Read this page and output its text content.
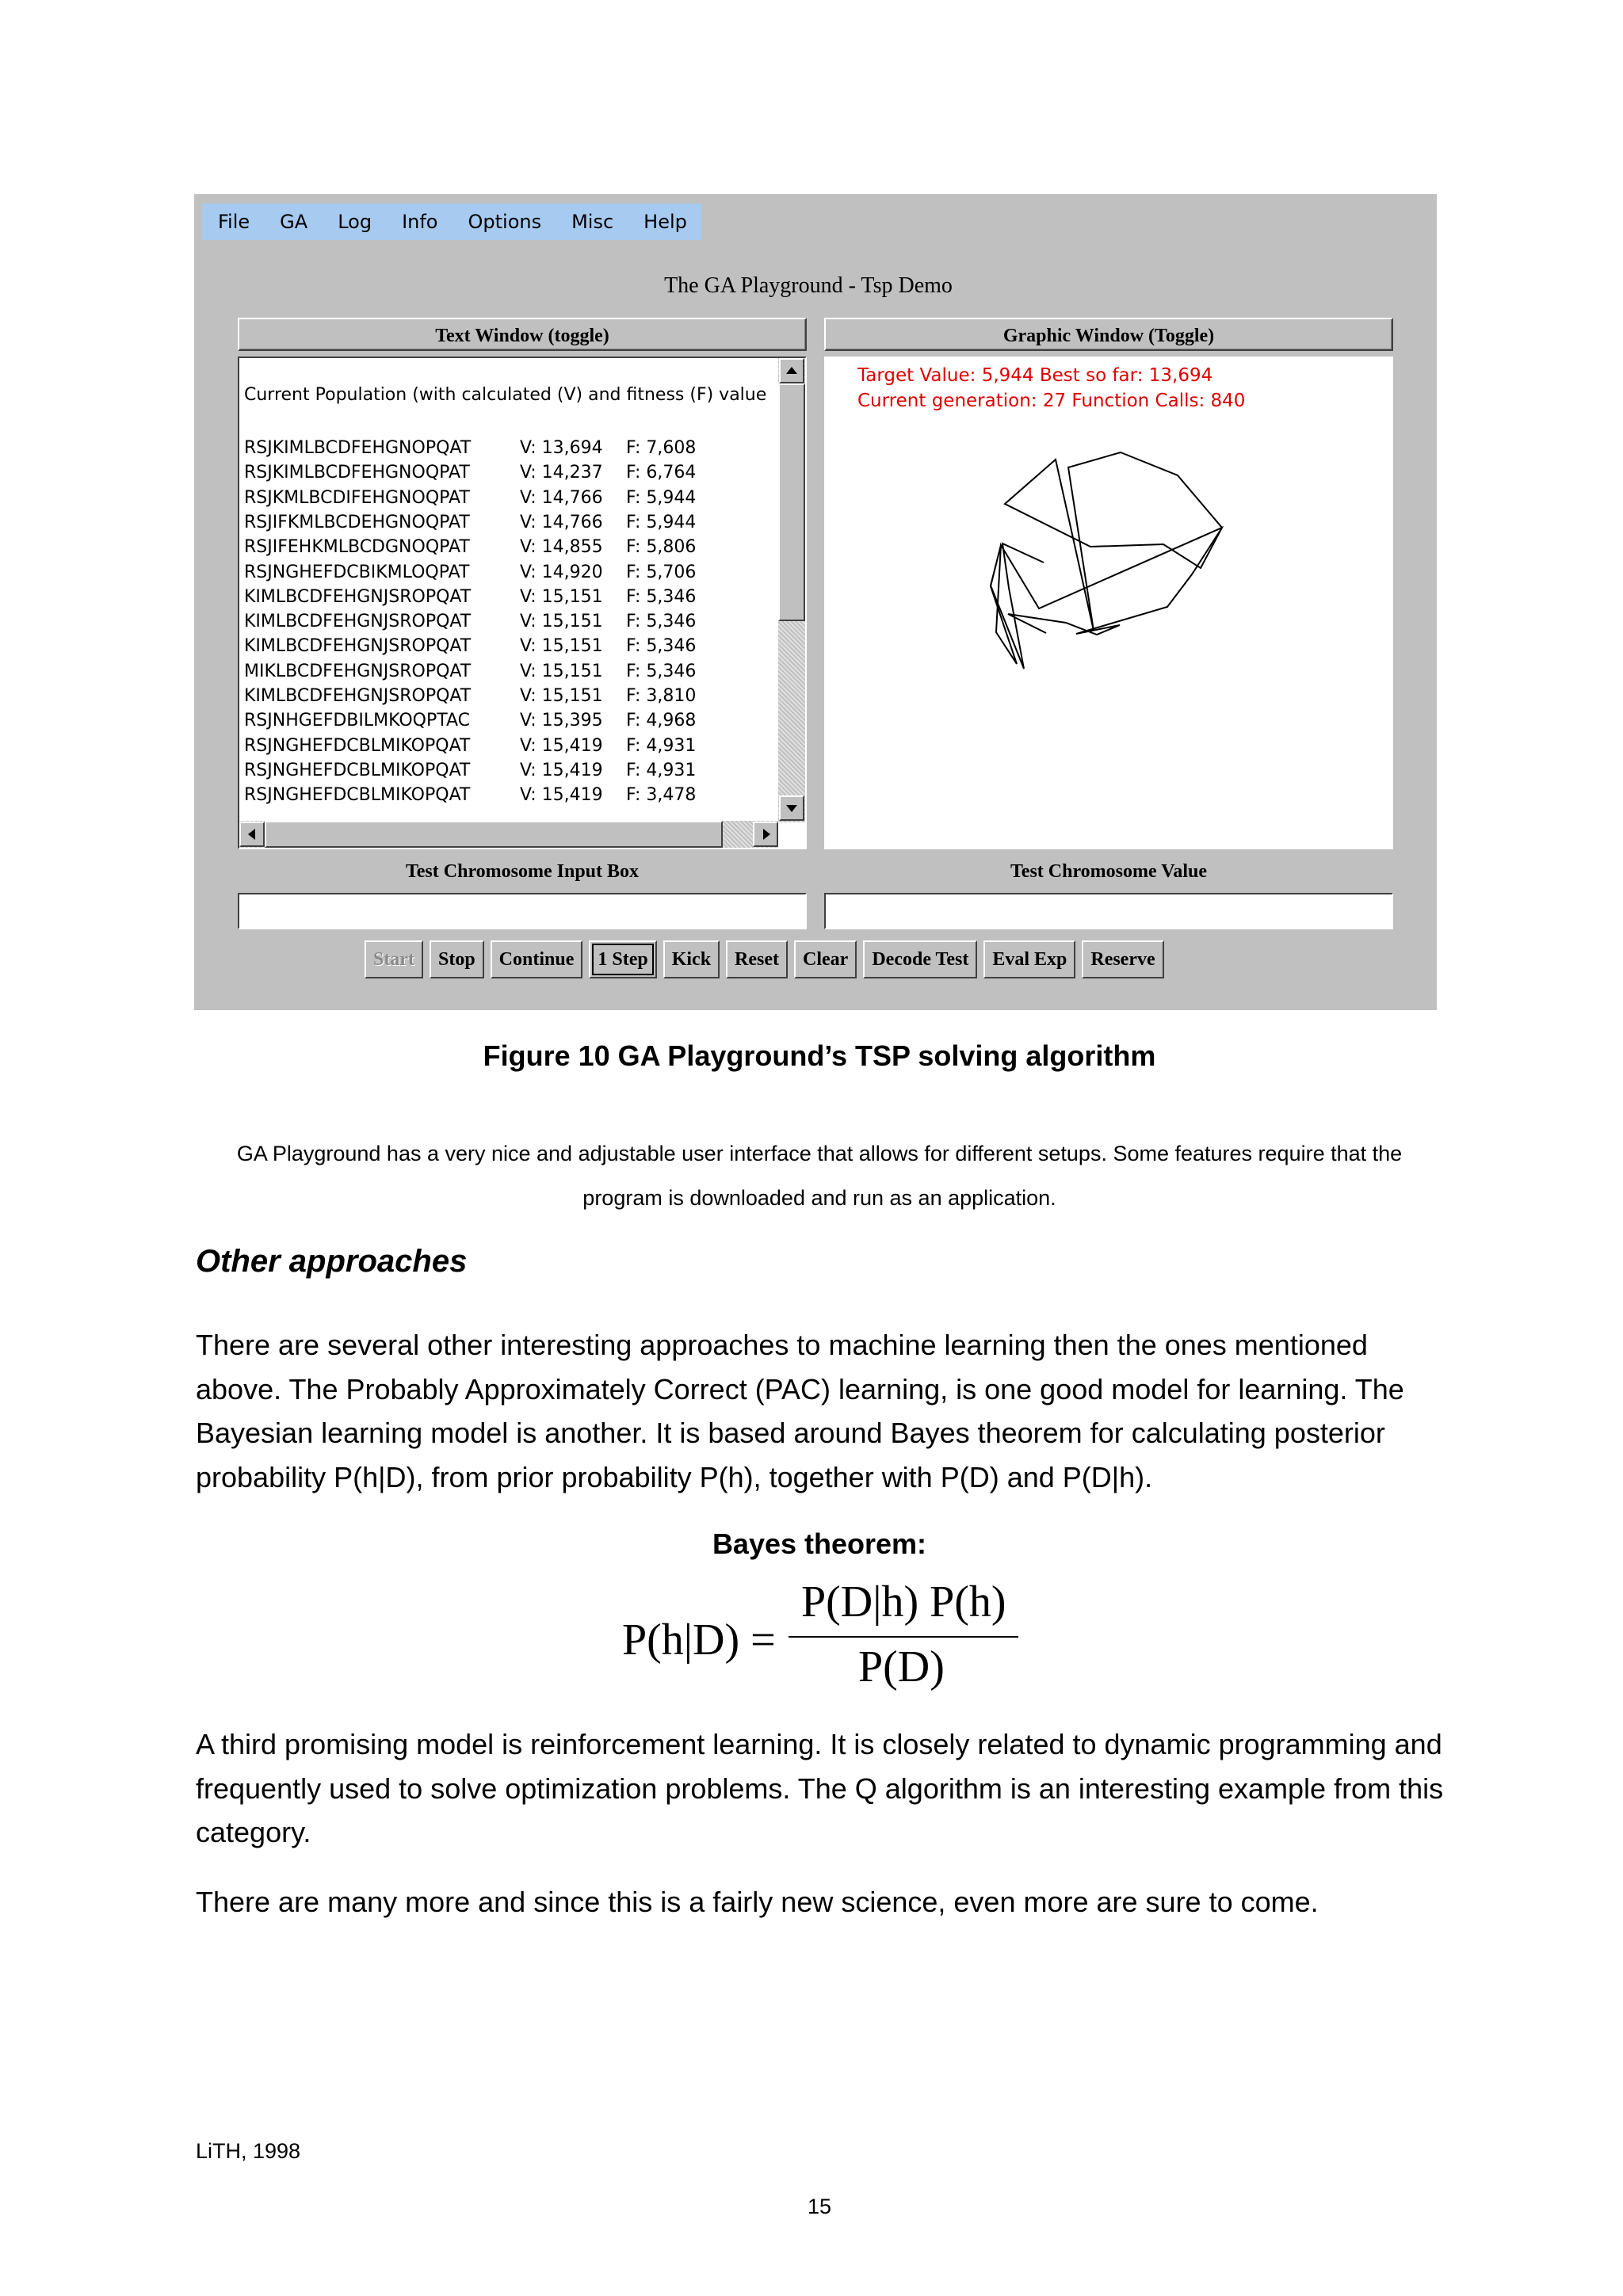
File	GA	Log	Info	Options	Misc	Help
The GA Playground - Tsp Demo
Text Window (toggle)	Graphic Window (Toggle)

Current Population (with calculated (V) and fitness (F) value

RSJKIMLBCDFEHGNOPQAT	V: 13,694 F: 7,608
RSJKIMLBCDFEHGNOQPAT	V: 14,237 F: 6,764
RSJKMLBCDIFEHGNOQPAT	V: 14,766 F: 5,944
RSJIFKMLBCDEHGNOQPAT	V: 14,766 F: 5,944
RSJIFEHKMLBCDGNOQPAT	V: 14,855 F: 5,806
RSJNGHEFDCBIKMLOQPAT	V: 14,920 F: 5,706
KIMLBCDFEHGNJSROPQAT	V: 15,151 F: 5,346
KIMLBCDFEHGNJSROPQAT	V: 15,151 F: 5,346
KIMLBCDFEHGNJSROPQAT	V: 15,151 F: 5,346
MIKLBCDFEHGNJSROPQAT	V: 15,151 F: 5,346
KIMLBCDFEHGNJSROPQAT	V: 15,151 F: 3,810
RSJNHGEFDBILMKOQPTAC	V: 15,395 F: 4,968
RSJNGHEFDCBLMIKOPQAT	V: 15,419 F: 4,931
RSJNGHEFDCBLMIKOPQAT	V: 15,419 F: 4,931
RSJNGHEFDCBLMIKOPQAT	V: 15,419 F: 3,478

Target Value: 5,944 Best so far: 13,694
Current generation: 27 Function Calls: 840
Test Chromosome Input Box	Test Chromosome Value
Start	Stop	Continue	1 Step	Kick	Reset	Clear	Decode Test	Eval Exp	Reserve
Figure 10 GA Playground’s TSP solving algorithm
GA Playground has a very nice and adjustable user interface that allows for different setups. Some features require that the program is downloaded and run as an application.
Other approaches
There are several other interesting approaches to machine learning then the ones mentioned above. The Probably Approximately Correct (PAC) learning, is one good model for learning. The Bayesian learning model is another. It is based around Bayes theorem for calculating posterior probability P(h|D), from prior probability P(h), together with P(D) and P(D|h).
Bayes theorem:
P(h|D) =
P(D|h) P(h)
P(D)
A third promising model is reinforcement learning. It is closely related to dynamic programming and frequently used to solve optimization problems. The Q algorithm is an interesting example from this category.
There are many more and since this is a fairly new science, even more are sure to come.
LiTH, 1998
15
